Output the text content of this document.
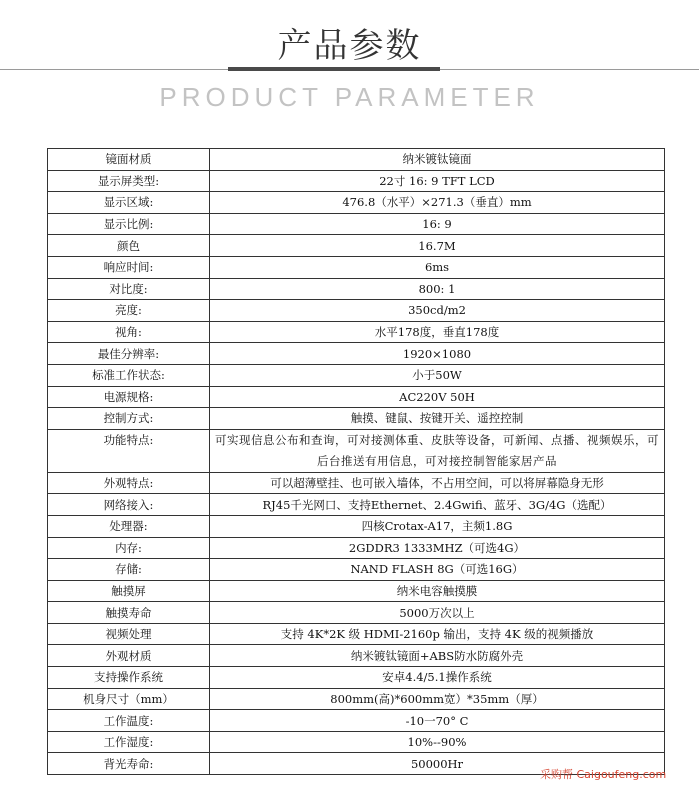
产品参数
PRODUCT PARAMETER
镜面材质	纳米镀钛镜面
显示屏类型:	22寸 16: 9 TFT LCD
显示区域:	476.8（水平）×271.3（垂直）mm
显示比例:	16: 9
颜色	16.7M
响应时间:	6ms
对比度:	800: 1
亮度:	350cd/m2
视角:	水平178度，垂直178度
最佳分辨率:	1920×1080
标准工作状态:	小于50W
电源规格:	AC220V 50H
控制方式:	触摸、键鼠、按键开关、遥控控制
功能特点:	可实现信息公布和查询，可对接测体重、皮肤等设备，可新闻、点播、视频娱乐，可后台推送有用信息，可对接控制智能家居产品
外观特点:	可以超薄壁挂、也可嵌入墙体，不占用空间，可以将屏幕隐身无形
网络接入:	RJ45千光网口、支持Ethernet、2.4Gwifi、蓝牙、3G/4G（选配）
处理器:	四核Crotax-A17，主频1.8G
内存:	2GDDR3 1333MHZ（可选4G）
存储:	NAND FLASH 8G（可选16G）
触摸屏	纳米电容触摸膜
触摸寿命	5000万次以上
视频处理	支持 4K*2K 级 HDMI-2160p 输出，支持 4K 级的视频播放
外观材质	纳米镀钛镜面+ABS防水防腐外壳
支持操作系统	安卓4.4/5.1操作系统
机身尺寸（mm）	800mm(高)*600mm宽）*35mm（厚）
工作温度:	-10一70° C
工作湿度:	10%--90%
背光寿命:	50000Hr
采购帮 Caigoufeng.com
